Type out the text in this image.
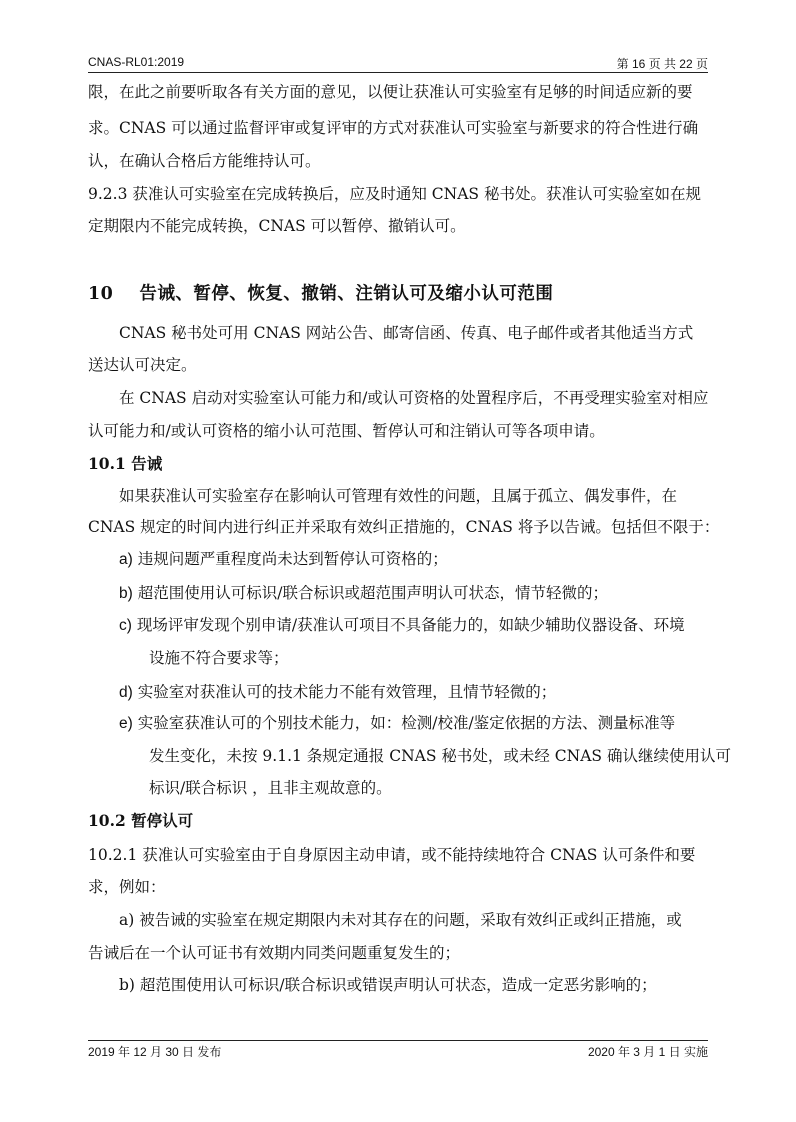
CNAS-RL01:2019	第 16 页 共 22 页
限，在此之前要听取各有关方面的意见，以便让获准认可实验室有足够的时间适应新的要
求。CNAS 可以通过监督评审或复评审的方式对获准认可实验室与新要求的符合性进行确
认，在确认合格后方能维持认可。
9.2.3 获准认可实验室在完成转换后，应及时通知 CNAS 秘书处。获准认可实验室如在规
定期限内不能完成转换，CNAS 可以暂停、撤销认可。
10 告诫、暂停、恢复、撤销、注销认可及缩小认可范围
CNAS 秘书处可用 CNAS 网站公告、邮寄信函、传真、电子邮件或者其他适当方式
送达认可决定。
在 CNAS 启动对实验室认可能力和/或认可资格的处置程序后，不再受理实验室对相应
认可能力和/或认可资格的缩小认可范围、暂停认可和注销认可等各项申请。
10.1 告诫
如果获准认可实验室存在影响认可管理有效性的问题，且属于孤立、偶发事件，在
CNAS 规定的时间内进行纠正并采取有效纠正措施的，CNAS 将予以告诫。包括但不限于：
a) 违规问题严重程度尚未达到暂停认可资格的；
b) 超范围使用认可标识/联合标识或超范围声明认可状态，情节轻微的；
c) 现场评审发现个别申请/获准认可项目不具备能力的，如缺少辅助仪器设备、环境
设施不符合要求等；
d) 实验室对获准认可的技术能力不能有效管理，且情节轻微的；
e) 实验室获准认可的个别技术能力，如：检测/校准/鉴定依据的方法、测量标准等
发生变化，未按 9.1.1 条规定通报 CNAS 秘书处，或未经 CNAS 确认继续使用认可
标识/联合标识 ，且非主观故意的。
10.2 暂停认可
10.2.1 获准认可实验室由于自身原因主动申请，或不能持续地符合 CNAS 认可条件和要
求，例如：
a) 被告诫的实验室在规定期限内未对其存在的问题，采取有效纠正或纠正措施，或
告诫后在一个认可证书有效期内同类问题重复发生的；
b) 超范围使用认可标识/联合标识或错误声明认可状态，造成一定恶劣影响的；
2019 年 12 月 30 日 发布	2020 年 3 月 1 日 实施
